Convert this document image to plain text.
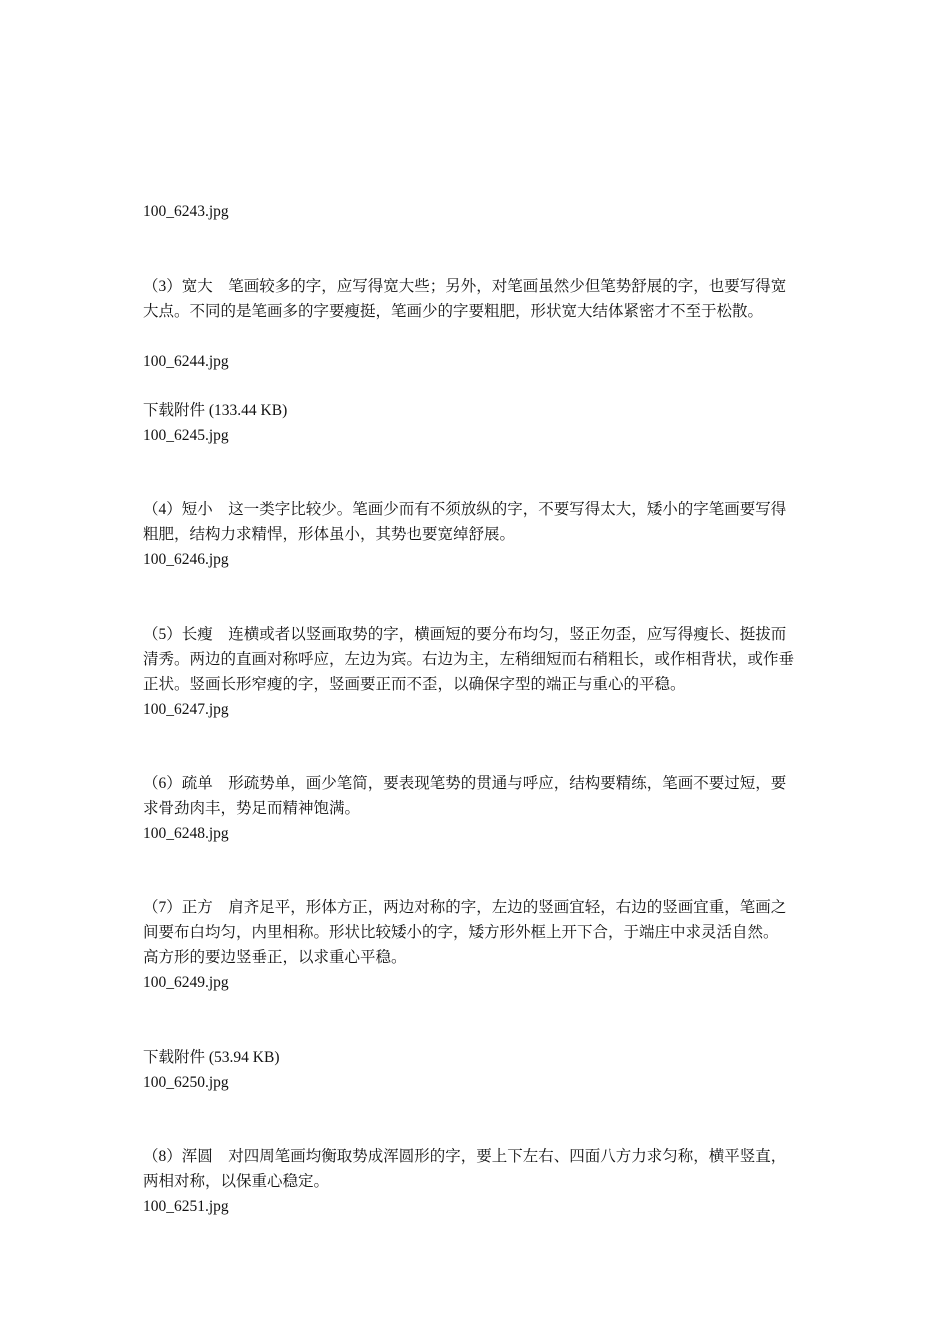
100_6243.jpg
（3）宽大　笔画较多的字，应写得宽大些；另外，对笔画虽然少但笔势舒展的字，也要写得宽
大点。不同的是笔画多的字要瘦挺，笔画少的字要粗肥，形状宽大结体紧密才不至于松散。
100_6244.jpg
下载附件 (133.44 KB)
100_6245.jpg
（4）短小　这一类字比较少。笔画少而有不须放纵的字，不要写得太大，矮小的字笔画要写得
粗肥，结构力求精悍，形体虽小，其势也要宽绰舒展。
100_6246.jpg
（5）长瘦　连横或者以竖画取势的字，横画短的要分布均匀，竖正勿歪，应写得瘦长、挺拔而
清秀。两边的直画对称呼应，左边为宾。右边为主，左稍细短而右稍粗长，或作相背状，或作垂
正状。竖画长形窄瘦的字，竖画要正而不歪，以确保字型的端正与重心的平稳。
100_6247.jpg
（6）疏单　形疏势单，画少笔简，要表现笔势的贯通与呼应，结构要精练，笔画不要过短，要
求骨劲肉丰，势足而精神饱满。
100_6248.jpg
（7）正方　肩齐足平，形体方正，两边对称的字，左边的竖画宜轻，右边的竖画宜重，笔画之
间要布白均匀，内里相称。形状比较矮小的字，矮方形外框上开下合，于端庄中求灵活自然。
高方形的要边竖垂正，以求重心平稳。
100_6249.jpg
下载附件 (53.94 KB)
100_6250.jpg
（8）浑圆　对四周笔画均衡取势成浑圆形的字，要上下左右、四面八方力求匀称，横平竖直，
两相对称，以保重心稳定。
100_6251.jpg
